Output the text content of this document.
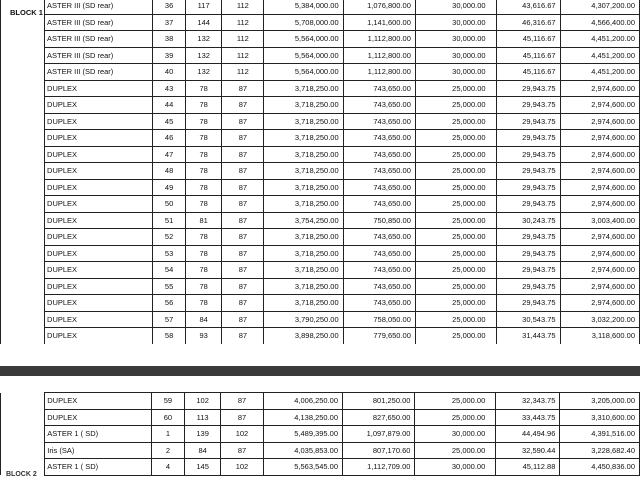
BLOCK 1
	ASTER III (SD rear)	36	117	112	5,384,000.00	1,076,800.00	30,000.00	43,616.67	4,307,200.00
	ASTER III (SD rear)	37	144	112	5,708,000.00	1,141,600.00	30,000.00	46,316.67	4,566,400.00
	ASTER III (SD rear)	38	132	112	5,564,000.00	1,112,800.00	30,000.00	45,116.67	4,451,200.00
	ASTER III (SD rear)	39	132	112	5,564,000.00	1,112,800.00	30,000.00	45,116.67	4,451,200.00
	ASTER III (SD rear)	40	132	112	5,564,000.00	1,112,800.00	30,000.00	45,116.67	4,451,200.00
	DUPLEX	43	78	87	3,718,250.00	743,650.00	25,000.00	29,943.75	2,974,600.00
	DUPLEX	44	78	87	3,718,250.00	743,650.00	25,000.00	29,943.75	2,974,600.00
	DUPLEX	45	78	87	3,718,250.00	743,650.00	25,000.00	29,943.75	2,974,600.00
	DUPLEX	46	78	87	3,718,250.00	743,650.00	25,000.00	29,943.75	2,974,600.00
	DUPLEX	47	78	87	3,718,250.00	743,650.00	25,000.00	29,943.75	2,974,600.00
	DUPLEX	48	78	87	3,718,250.00	743,650.00	25,000.00	29,943.75	2,974,600.00
	DUPLEX	49	78	87	3,718,250.00	743,650.00	25,000.00	29,943.75	2,974,600.00
	DUPLEX	50	78	87	3,718,250.00	743,650.00	25,000.00	29,943.75	2,974,600.00
	DUPLEX	51	81	87	3,754,250.00	750,850.00	25,000.00	30,243.75	3,003,400.00
	DUPLEX	52	78	87	3,718,250.00	743,650.00	25,000.00	29,943.75	2,974,600.00
	DUPLEX	53	78	87	3,718,250.00	743,650.00	25,000.00	29,943.75	2,974,600.00
	DUPLEX	54	78	87	3,718,250.00	743,650.00	25,000.00	29,943.75	2,974,600.00
	DUPLEX	55	78	87	3,718,250.00	743,650.00	25,000.00	29,943.75	2,974,600.00
	DUPLEX	56	78	87	3,718,250.00	743,650.00	25,000.00	29,943.75	2,974,600.00
	DUPLEX	57	84	87	3,790,250.00	758,050.00	25,000.00	30,543.75	3,032,200.00
	DUPLEX	58	93	87	3,898,250.00	779,650.00	25,000.00	31,443.75	3,118,600.00
	DUPLEX	59	102	87	4,006,250.00	801,250.00	25,000.00	32,343.75	3,205,000.00
	DUPLEX	60	113	87	4,138,250.00	827,650.00	25,000.00	33,443.75	3,310,600.00
	ASTER 1 ( SD)	1	139	102	5,489,395.00	1,097,879.00	30,000.00	44,494.96	4,391,516.00
	Iris (SA)	2	84	87	4,035,853.00	807,170.60	25,000.00	32,590.44	3,228,682.40
	ASTER 1 ( SD)	4	145	102	5,563,545.00	1,112,709.00	30,000.00	45,112.88	4,450,836.00
BLOCK 2
